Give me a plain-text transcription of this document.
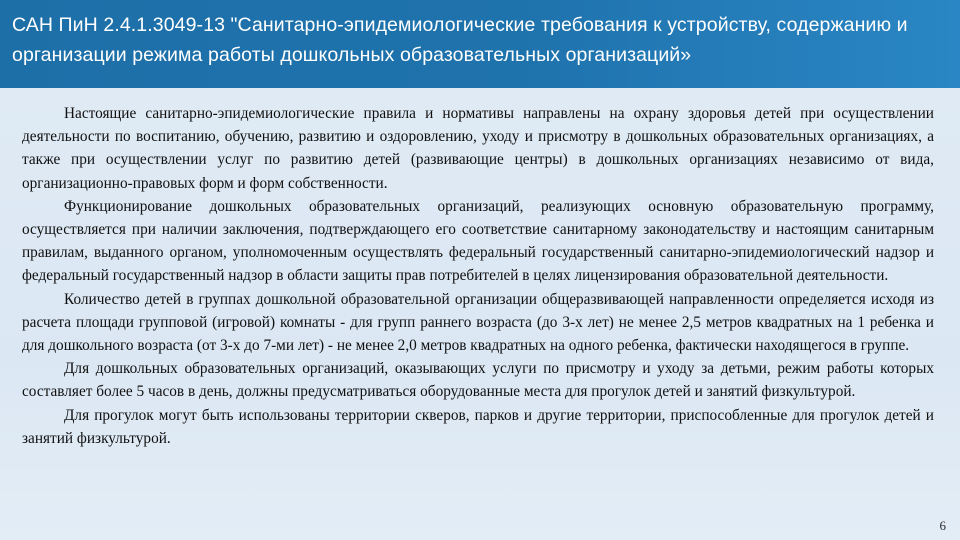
САН ПиН 2.4.1.3049-13 "Санитарно-эпидемиологические требования к устройству, содержанию и организации режима работы дошкольных образовательных организаций»

Настоящие санитарно-эпидемиологические правила и нормативы направлены на охрану здоровья детей при осуществлении деятельности по воспитанию, обучению, развитию и оздоровлению, уходу и присмотру в дошкольных образовательных организациях, а также при осуществлении услуг по развитию детей (развивающие центры) в дошкольных организациях независимо от вида, организационно-правовых форм и форм собственности.

Функционирование дошкольных образовательных организаций, реализующих основную образовательную программу, осуществляется при наличии заключения, подтверждающего его соответствие санитарному законодательству и настоящим санитарным правилам, выданного органом, уполномоченным осуществлять федеральный государственный санитарно-эпидемиологический надзор и федеральный государственный надзор в области защиты прав потребителей в целях лицензирования образовательной деятельности.

Количество детей в группах дошкольной образовательной организации общеразвивающей направленности определяется исходя из расчета площади групповой (игровой) комнаты - для групп раннего возраста (до 3-х лет) не менее 2,5 метров квадратных на 1 ребенка и для дошкольного возраста (от 3-х до 7-ми лет) - не менее 2,0 метров квадратных на одного ребенка, фактически находящегося в группе.

Для дошкольных образовательных организаций, оказывающих услуги по присмотру и уходу за детьми, режим работы которых составляет более 5 часов в день, должны предусматриваться оборудованные места для прогулок детей и занятий физкультурой.

Для прогулок могут быть использованы территории скверов, парков и другие территории, приспособленные для прогулок детей и занятий физкультурой.

6
